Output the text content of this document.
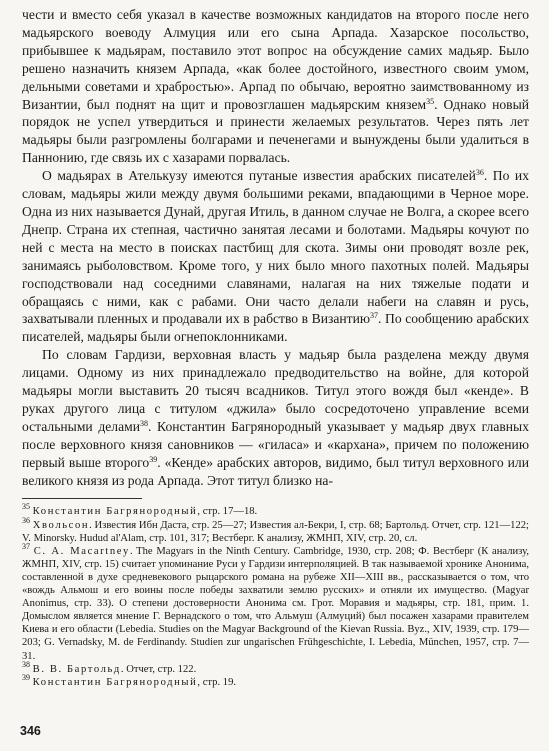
чести и вместо себя указал в качестве возможных кандидатов на второго после него мадьярского воеводу Алмуция или его сына Арпада. Хазарское посольство, прибывшее к мадьярам, поставило этот вопрос на обсуждение самих мадьяр. Было решено назначить князем Арпада, «как более достойного, известного своим умом, дельными советами и храбростью». Арпад по обычаю, вероятно заимствованному из Византии, был поднят на щит и провозглашен мадьярским князем$^{35}$. Однако новый порядок не успел утвердиться и принести желаемых результатов. Через пять лет мадьяры были разгромлены болгарами и печенегами и вынуждены были удалиться в Паннонию, где связь их с хазарами порвалась.

О мадьярах в Ателькузу имеются путаные известия арабских писателей$^{36}$. По их словам, мадьяры жили между двумя большими реками, впадающими в Черное море. Одна из них называется Дунай, другая Итиль, в данном случае не Волга, а скорее всего Днепр. Страна их степная, частично занятая лесами и болотами. Мадьяры кочуют по ней с места на место в поисках пастбищ для скота. Зимы они проводят возле рек, занимаясь рыболовством. Кроме того, у них было много пахотных полей. Мадьяры господствовали над соседними славянами, налагая на них тяжелые подати и обращаясь с ними, как с рабами. Они часто делали набеги на славян и русь, захватывали пленных и продавали их в рабство в Византию$^{37}$. По сообщению арабских писателей, мадьяры были огнепоклонниками.

По словам Гардизи, верховная власть у мадьяр была разделена между двумя лицами. Одному из них принадлежало предводительство на войне, для которой мадьяры могли выставить 20 тысяч всадников. Титул этого вождя был «кенде». В руках другого лица с титулом «джила» было сосредоточено управление всеми остальными делами$^{38}$. Константин Багрянородный указывает у мадьяр двух главных после верховного князя сановников — «гиласа» и «кархана», причем по положению первый выше второго$^{39}$. «Кенде» арабских авторов, видимо, был титул верховного или великого князя из рода Арпада. Этот титул близко на-

$^{35}$ Константин Багрянородный, стр. 17—18.

$^{36}$ Хвольсон. Известия Ибн Даста, стр. 25—27; Известия ал-Бекри, I, стр. 68; Бартольд. Отчет, стр. 121—122; V. Minorsky. Hudud al'Alam, стр. 101, 317; Вестберг. К анализу, ЖМНП, XIV, стр. 20, сл.

$^{37}$ C. A. Macartney. The Magyars in the Ninth Century. Cambridge, 1930, стр. 208; Ф. Вестберг (К анализу, ЖМНП, XIV, стр. 15) считает упоминание Руси у Гардизи интерполяцией. В так называемой хронике Анонима, составленной в духе средневекового рыцарского романа на рубеже XII—XIII вв., рассказывается о том, что «вождь Альмош и его воины после победы захватили землю русских» и отняли их имущество. (Magyar Anonimus, стр. 33). О степени достоверности Анонима см. Грот. Моравия и мадьяры, стр. 181, прим. 1. Домыслом является мнение Г. Вернадского о том, что Альмуш (Алмуций) был посажен хазарами правителем Киева и его области (Lebedia. Studies on the Magyar Background of the Kievan Russia. Byz., XIV, 1939, стр. 179—203; G. Vernadsky, M. de Ferdinandy. Studien zur ungarischen Frühgeschichte, I. Lebedia, München, 1957, стр. 7—31.

$^{38}$ В. В. Бартольд. Отчет, стр. 122.

$^{39}$ Константин Багрянородный, стр. 19.

346
